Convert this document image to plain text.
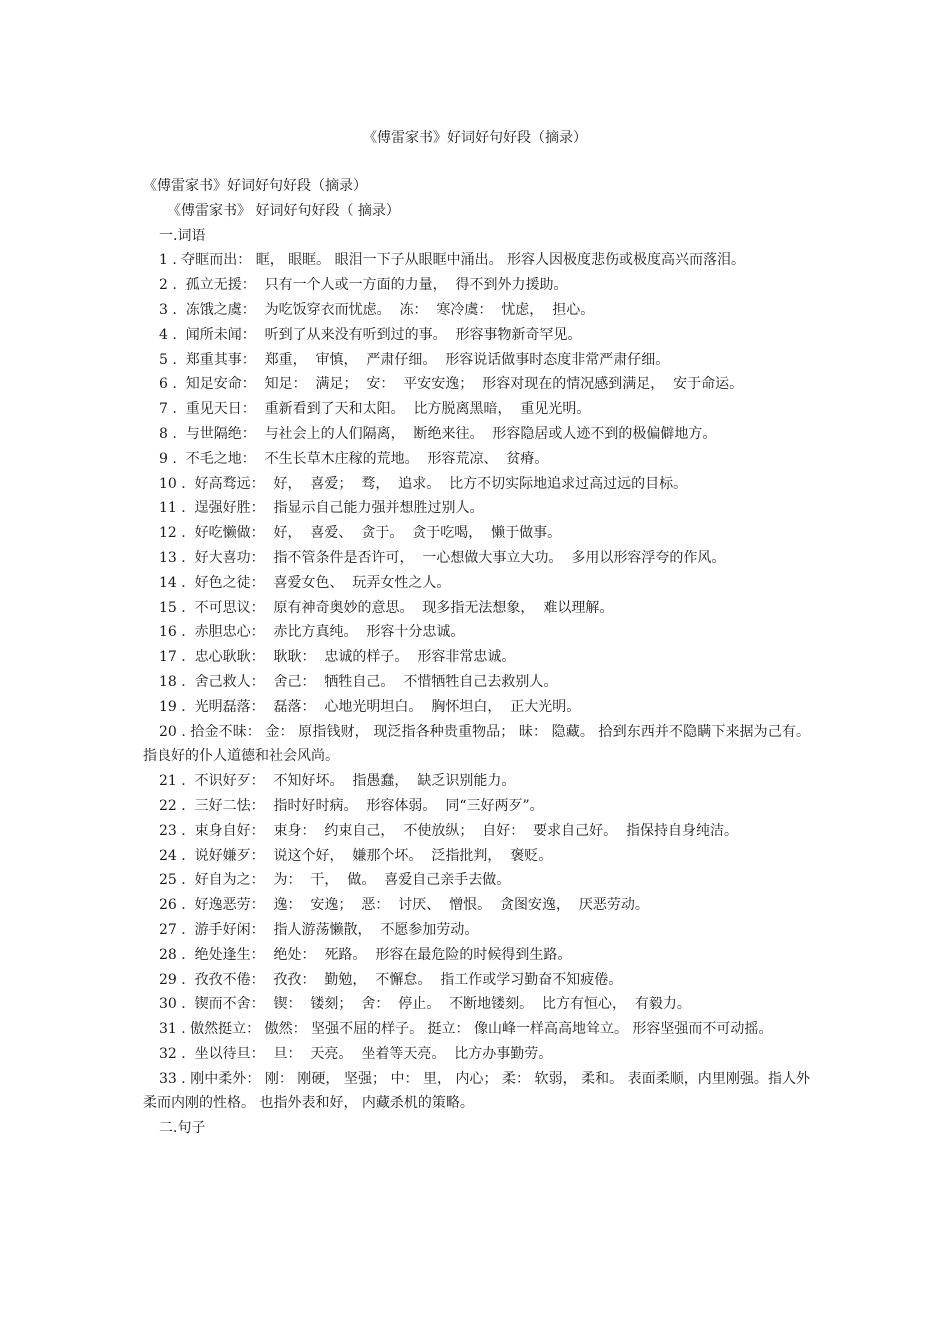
《傅雷家书》好词好句好段（摘录）
《傅雷家书》好词好句好段（摘录）
《傅雷家书》 好词好句好段（ 摘录）
一.词语
1 . 夺眶而出： 眶， 眼眶。 眼泪一下子从眼眶中涌出。 形容人因极度悲伤或极度高兴而落泪。
2 .  孤立无援：  只有一个人或一方面的力量，  得不到外力援助。
3 .  冻饿之虞：  为吃饭穿衣而忧虑。  冻：  寒冷虞：  忧虑，  担心。
4 .  闻所未闻：  听到了从来没有听到过的事。  形容事物新奇罕见。
5 .  郑重其事：  郑重，  审慎，  严肃仔细。  形容说话做事时态度非常严肃仔细。
6 .  知足安命：  知足：  满足；  安：  平安安逸；  形容对现在的情况感到满足，  安于命运。
7 .  重见天日：  重新看到了天和太阳。  比方脱离黑暗，  重见光明。
8 .  与世隔绝：  与社会上的人们隔离，  断绝来往。  形容隐居或人迹不到的极偏僻地方。
9 .  不毛之地：  不生长草木庄稼的荒地。  形容荒凉、  贫瘠。
10 .  好高骛远：  好，  喜爱；  骛，  追求。  比方不切实际地追求过高过远的目标。
11 .  逞强好胜：  指显示自己能力强并想胜过别人。
12 .  好吃懒做：  好，  喜爱、  贪于。  贪于吃喝，  懒于做事。
13 .  好大喜功：  指不管条件是否许可，  一心想做大事立大功。  多用以形容浮夸的作风。
14 .  好色之徒：  喜爱女色、  玩弄女性之人。
15 .  不可思议：  原有神奇奥妙的意思。  现多指无法想象，  难以理解。
16 .  赤胆忠心：  赤比方真纯。  形容十分忠诚。
17 .  忠心耿耿：  耿耿：  忠诚的样子。  形容非常忠诚。
18 .  舍己救人：  舍己：  牺牲自己。  不惜牺牲自己去救别人。
19 .  光明磊落：  磊落：  心地光明坦白。  胸怀坦白，  正大光明。
20 . 拾金不昧： 金： 原指钱财， 现泛指各种贵重物品； 昧： 隐藏。 拾到东西并不隐瞒下来据为己有。 指良好的仆人道德和社会风尚。
21 .  不识好歹：  不知好坏。  指愚蠢，  缺乏识别能力。
22 .  三好二怯：  指时好时病。  形容体弱。  同“三好两歹”。
23 .  束身自好：  束身：  约束自己，  不使放纵；  自好：  要求自己好。  指保持自身纯洁。
24 .  说好嫌歹：  说这个好，  嫌那个坏。  泛指批判，  褒贬。
25 .  好自为之：  为：  干，  做。  喜爱自己亲手去做。
26 .  好逸恶劳：  逸：  安逸；  恶：  讨厌、  憎恨。  贪图安逸，  厌恶劳动。
27 .  游手好闲：  指人游荡懒散，  不愿参加劳动。
28 .  绝处逢生：  绝处：  死路。  形容在最危险的时候得到生路。
29 .  孜孜不倦：  孜孜：  勤勉，  不懈怠。  指工作或学习勤奋不知疲倦。
30 .  锲而不舍：  锲：  镂刻；  舍：  停止。  不断地镂刻。  比方有恒心，  有毅力。
31 . 傲然挺立： 傲然： 坚强不屈的样子。 挺立： 像山峰一样高高地耸立。 形容坚强而不可动摇。
32 .  坐以待旦：  旦：  天亮。  坐着等天亮。  比方办事勤劳。
33 . 刚中柔外： 刚： 刚硬， 坚强； 中： 里， 内心； 柔： 软弱， 柔和。 表面柔顺，内里刚强。指人外柔而内刚的性格。 也指外表和好， 内藏杀机的策略。
二.句子
